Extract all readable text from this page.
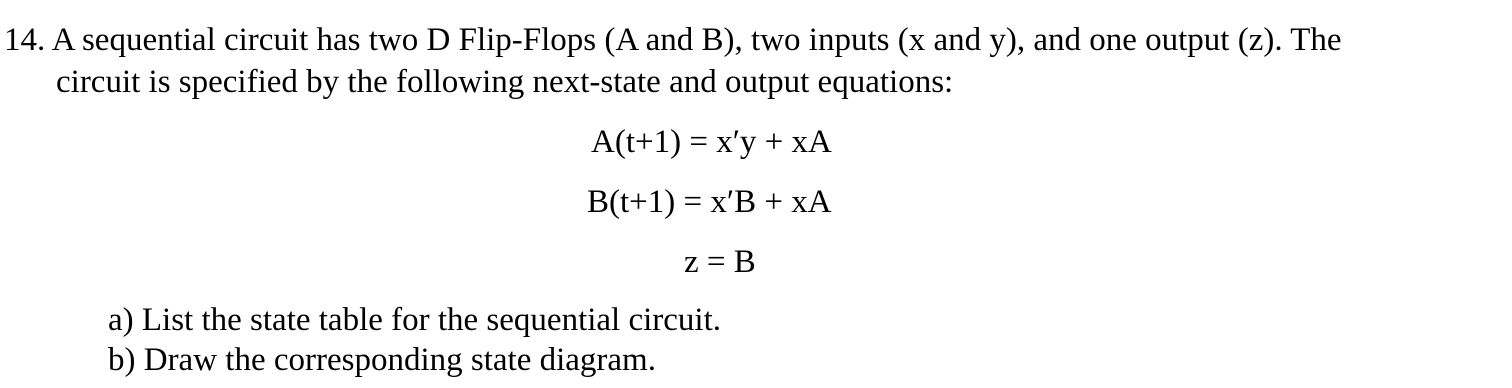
14. A sequential circuit has two D Flip-Flops (A and B), two inputs (x and y), and one output (z). The
circuit is specified by the following next-state and output equations:
A(t+1) = x′y + xA
B(t+1) = x′B + xA
z = B
a) List the state table for the sequential circuit.
b) Draw the corresponding state diagram.
